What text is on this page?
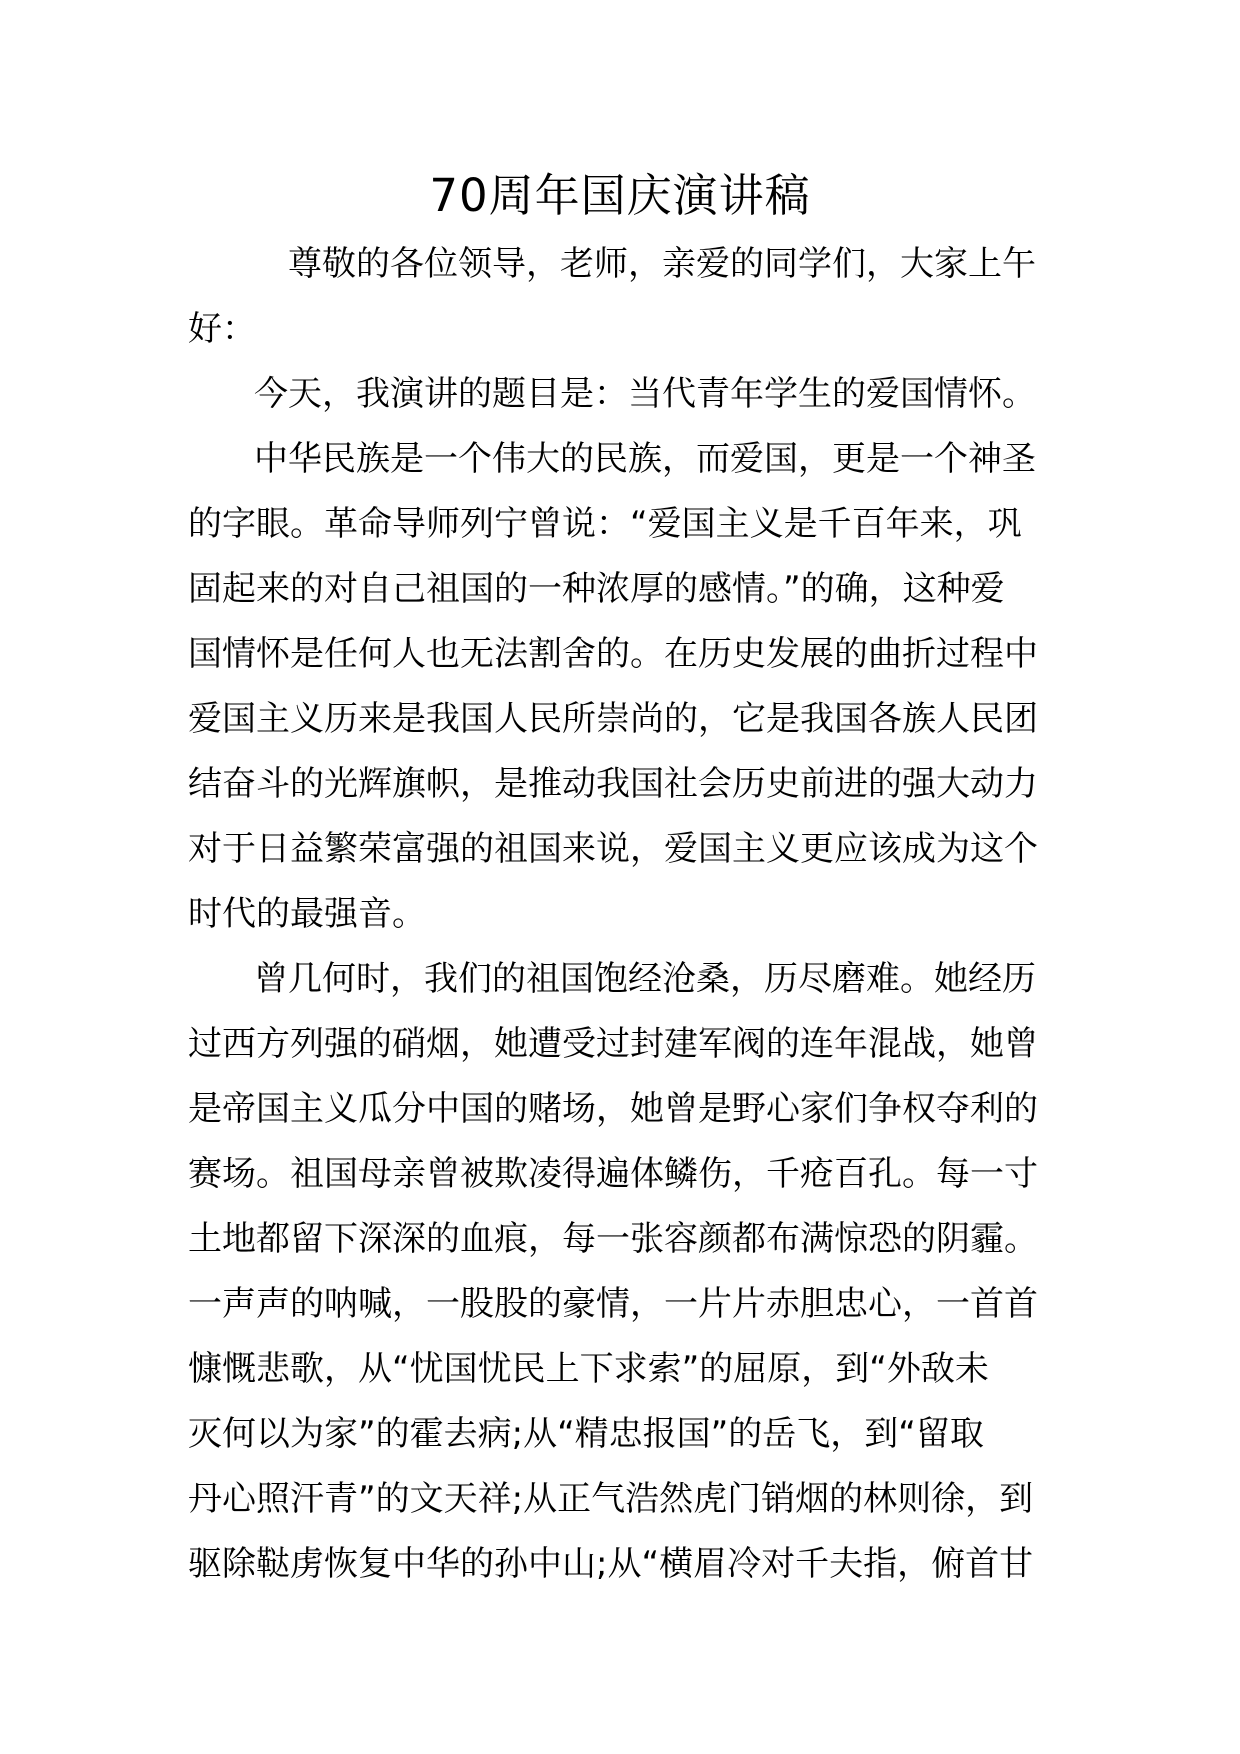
70周年国庆演讲稿
尊敬的各位领导，老师，亲爱的同学们，大家上午
好：
今天，我演讲的题目是：当代青年学生的爱国情怀。
中华民族是一个伟大的民族，而爱国，更是一个神圣
的字眼。革命导师列宁曾说：“爱国主义是千百年来，巩
固起来的对自己祖国的一种浓厚的感情。”的确，这种爱
国情怀是任何人也无法割舍的。在历史发展的曲折过程中
爱国主义历来是我国人民所崇尚的，它是我国各族人民团
结奋斗的光辉旗帜，是推动我国社会历史前进的强大动力
对于日益繁荣富强的祖国来说，爱国主义更应该成为这个
时代的最强音。
曾几何时，我们的祖国饱经沧桑，历尽磨难。她经历
过西方列强的硝烟，她遭受过封建军阀的连年混战，她曾
是帝国主义瓜分中国的赌场，她曾是野心家们争权夺利的
赛场。祖国母亲曾被欺凌得遍体鳞伤，千疮百孔。每一寸
土地都留下深深的血痕，每一张容颜都布满惊恐的阴霾。
一声声的呐喊，一股股的豪情，一片片赤胆忠心，一首首
慷慨悲歌，从“忧国忧民上下求索”的屈原，到“外敌未
灭何以为家”的霍去病;从“精忠报国”的岳飞，到“留取
丹心照汗青”的文天祥;从正气浩然虎门销烟的林则徐，到
驱除鞑虏恢复中华的孙中山;从“横眉冷对千夫指，俯首甘
